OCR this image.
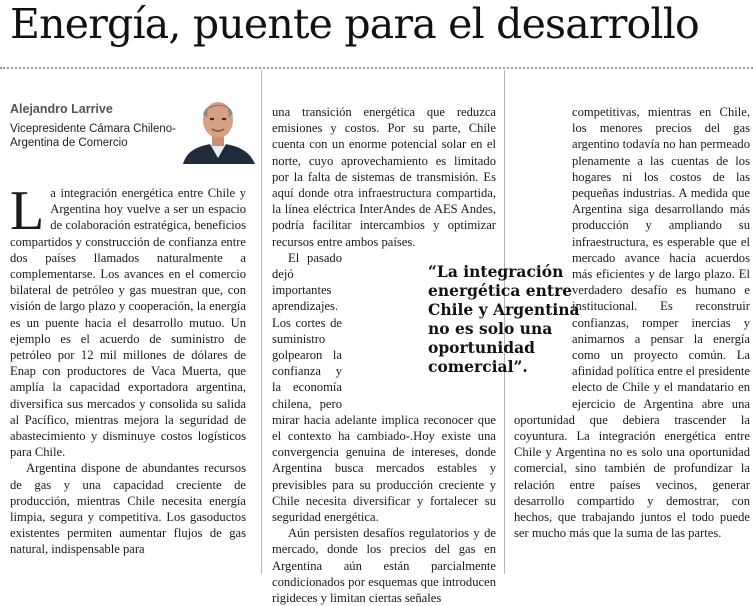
Energía, puente para el desarrollo
Alejandro Larrive
Vicepresidente Cámara Chileno-Argentina de Comercio

La integración energética entre Chile y Argentina hoy vuelve a ser un espacio de colaboración estratégica, beneficios compartidos y construcción de confianza entre dos países llamados naturalmente a complementarse. Los avances en el comercio bilateral de petróleo y gas muestran que, con visión de largo plazo y cooperación, la energía es un puente hacia el desarrollo mutuo. Un ejemplo es el acuerdo de suministro de petróleo por 12 mil millones de dólares de Enap con productores de Vaca Muerta, que amplía la capacidad exportadora argentina, diversifica sus mercados y consolida su salida al Pacífico, mientras mejora la seguridad de abastecimiento y disminuye costos logísticos para Chile.

Argentina dispone de abundantes recursos de gas y una capacidad creciente de producción, mientras Chile necesita energía limpia, segura y competitiva. Los gasoductos existentes permiten aumentar flujos de gas natural, indispensable para

una transición energética que reduzca emisiones y costos. Por su parte, Chile cuenta con un enorme potencial solar en el norte, cuyo aprovechamiento es limitado por la falta de sistemas de transmisión. Es aquí donde otra infraestructura compartida, la línea eléctrica InterAndes de AES Andes, podría facilitar intercambios y optimizar recursos entre ambos países.

El pasado dejó importantes aprendizajes. Los cortes de suministro golpearon la confianza y la economía chilena, pero mirar hacia adelante implica reconocer que el contexto ha cambiado-.Hoy existe una convergencia genuina de intereses, donde Argentina busca mercados estables y previsibles para su producción creciente y Chile necesita diversificar y fortalecer su seguridad energética.

Aún persisten desafíos regulatorios y de mercado, donde los precios del gas en Argentina aún están parcialmente condicionados por esquemas que introducen rigideces y limitan ciertas señales

competitivas, mientras en Chile, los menores precios del gas argentino todavía no han permeado plenamente a las cuentas de los hogares ni los costos de las pequeñas industrias. A medida que Argentina siga desarrollando más producción y ampliando su infraestructura, es esperable que el mercado avance hacia acuerdos más eficientes y de largo plazo. El verdadero desafío es humano e institucional. Es reconstruir confianzas, romper inercias y animarnos a pensar la energía como un proyecto común. La afinidad política entre el presidente electo de Chile y el mandatario en ejercicio de Argentina abre una oportunidad que debiera trascender la coyuntura. La integración energética entre Chile y Argentina no es solo una oportunidad comercial, sino también de profundizar la relación entre países vecinos, generar desarrollo compartido y demostrar, con hechos, que trabajando juntos el todo puede ser mucho más que la suma de las partes.

“La integración energética entre Chile y Argentina no es solo una oportunidad comercial”.
